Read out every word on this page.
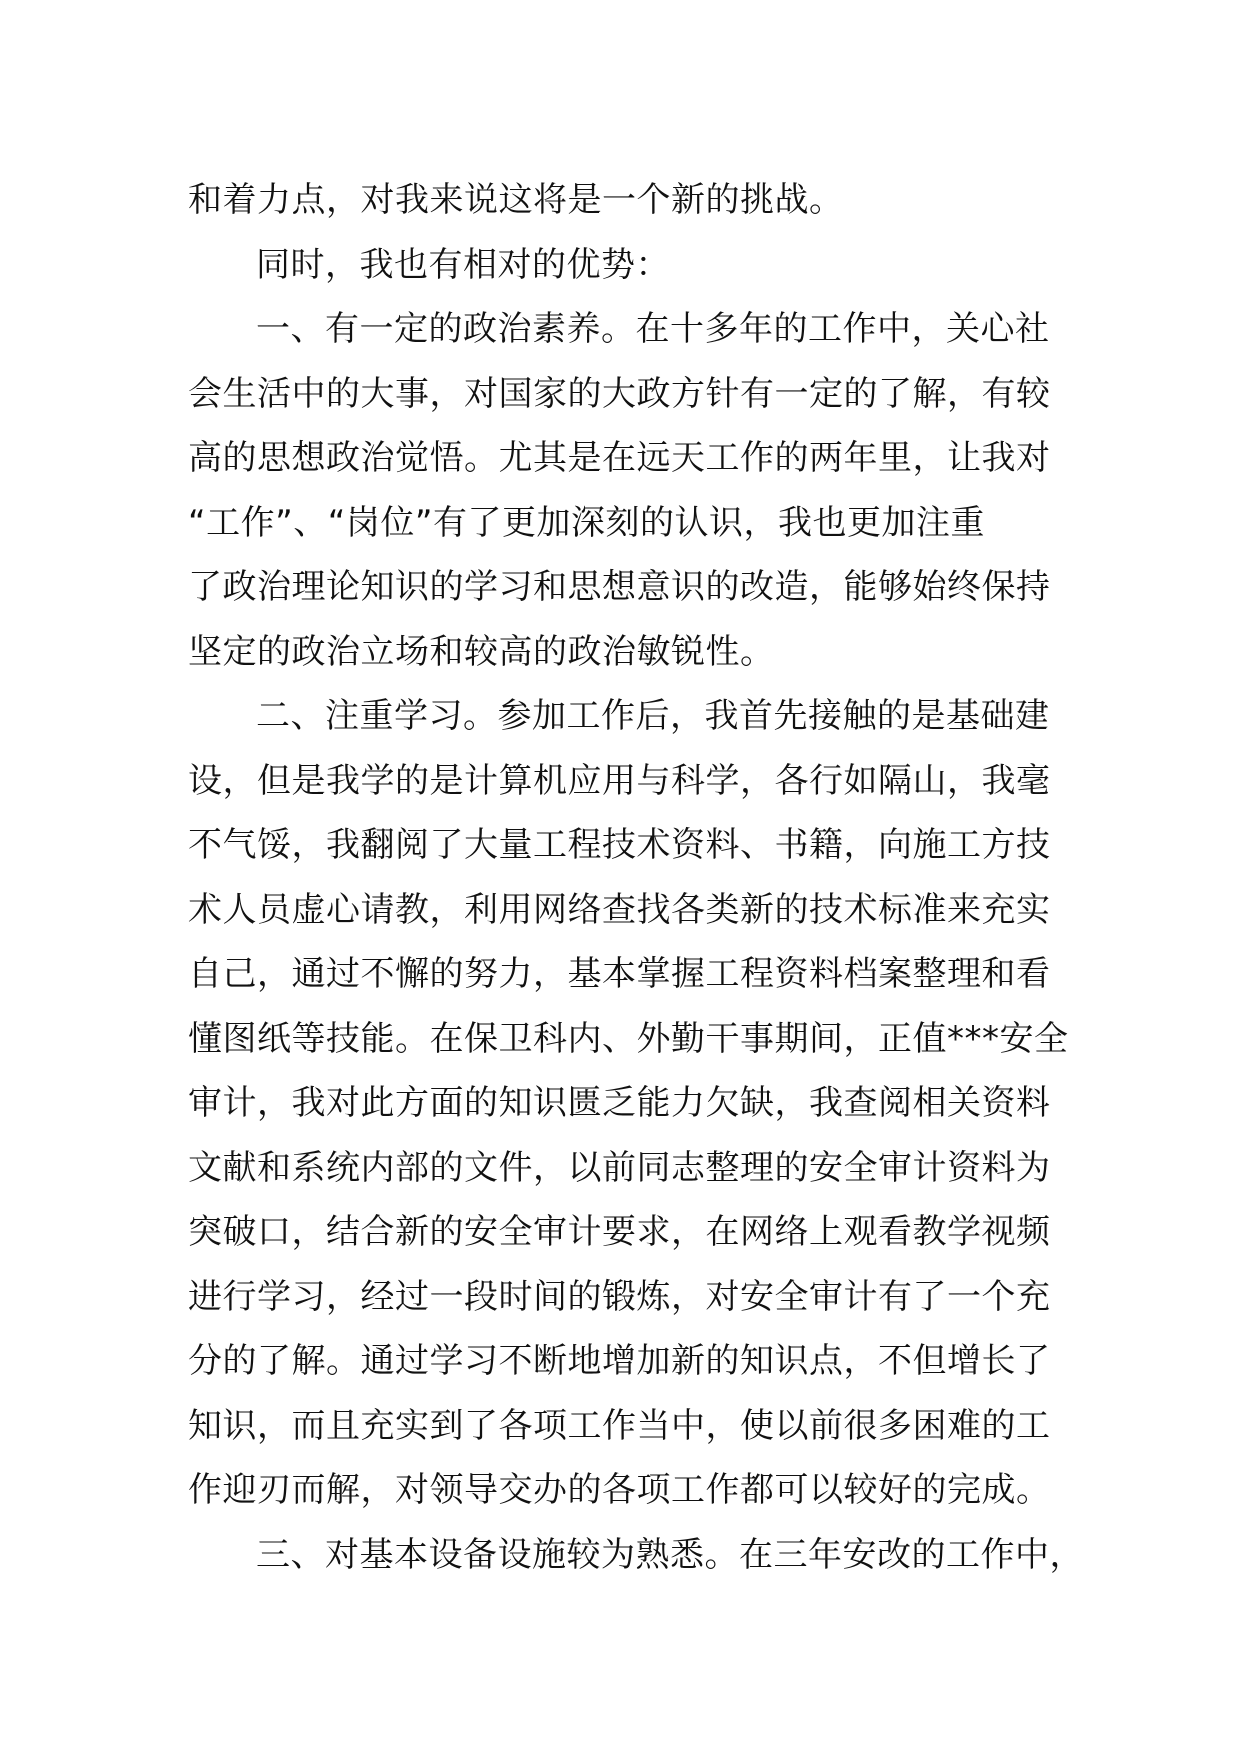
和着力点，对我来说这将是一个新的挑战。
同时，我也有相对的优势：
一、有一定的政治素养。在十多年的工作中，关心社
会生活中的大事，对国家的大政方针有一定的了解，有较
高的思想政治觉悟。尤其是在远天工作的两年里，让我对
“工作”、“岗位”有了更加深刻的认识，我也更加注重
了政治理论知识的学习和思想意识的改造，能够始终保持
坚定的政治立场和较高的政治敏锐性。
二、注重学习。参加工作后，我首先接触的是基础建
设，但是我学的是计算机应用与科学，各行如隔山，我毫
不气馁，我翻阅了大量工程技术资料、书籍，向施工方技
术人员虚心请教，利用网络查找各类新的技术标准来充实
自己，通过不懈的努力，基本掌握工程资料档案整理和看
懂图纸等技能。在保卫科内、外勤干事期间，正值***安全
审计，我对此方面的知识匮乏能力欠缺，我查阅相关资料
文献和系统内部的文件，以前同志整理的安全审计资料为
突破口，结合新的安全审计要求，在网络上观看教学视频
进行学习，经过一段时间的锻炼，对安全审计有了一个充
分的了解。通过学习不断地增加新的知识点，不但增长了
知识，而且充实到了各项工作当中，使以前很多困难的工
作迎刃而解，对领导交办的各项工作都可以较好的完成。
三、对基本设备设施较为熟悉。在三年安改的工作中，
